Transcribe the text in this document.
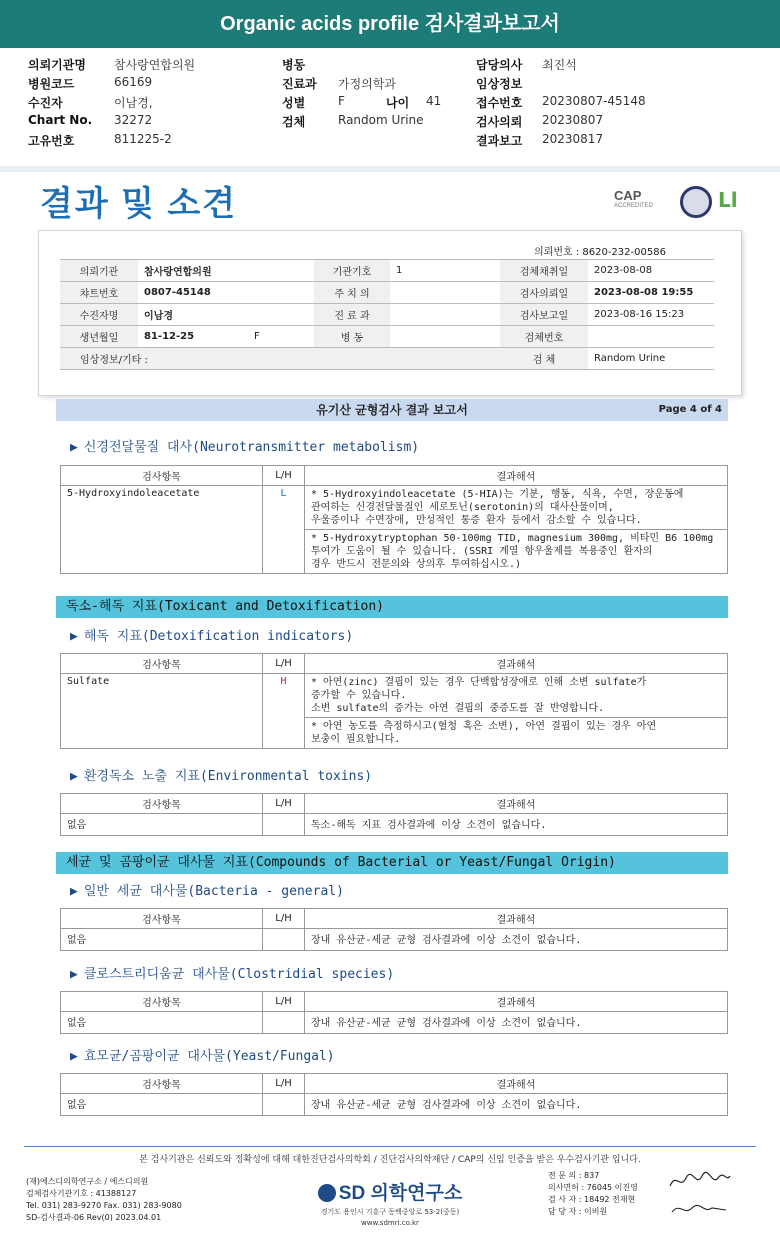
Organic acids profile 검사결과보고서
의뢰기관명 참사랑연합의원	병동	담당의사 최진석
병원코드	66169	진료과 가정의학과	임상정보
수진자	이남경,	성별	F	나이 41	접수번호 20230807-45148
Chart No. 32272	검체	Random Urine	검사의뢰 20230807
고유번호	811225-2	결과보고 20230817
결과 및 소견	CAP
ACCREDITED	Ll
의뢰번호 : 8620-232-00586
의뢰기관	참사랑연합의원		기관기호	1	검체채취일	2023-08-08
챠트번호	0807-45148		주 치 의		검사의뢰일	2023-08-08 19:55
수진자명	이남경		진 료 과		검사보고일	2023-08-16 15:23
생년월일	81-12-25	F	병 동		검체번호	
임상정보/기타 :					검 체	Random Urine
유기산 균형검사 결과 보고서	Page 4 of 4
▶ 신경전달물질 대사(Neurotransmitter metabolism)
검사항목	L/H	결과해석
5-Hydroxyindoleacetate	L	* 5-Hydroxyindoleacetate (5-HIA)는 기분, 행동, 식욕, 수면, 장운동에
관여하는 신경전달물질인 세로토닌(serotonin)의 대사산물이며,
우울증이나 수면장애, 만성적인 통증 환자 등에서 감소할 수 있습니다.

		* 5-Hydroxytryptophan 50-100mg TID, magnesium 300mg, 비타민 B6 100mg
투여가 도움이 될 수 있습니다. (SSRI 계열 항우울제를 복용중인 환자의
경우 반드시 전문의와 상의후 투여하십시오.)
독소-해독 지표(Toxicant and Detoxification)
▶ 해독 지표(Detoxification indicators)
검사항목	L/H	결과해석
Sulfate	H	* 아연(zinc) 결핍이 있는 경우 단백합성장애로 인해 소변 sulfate가
증가할 수 있습니다.
소변 sulfate의 증가는 아연 결핍의 중증도를 잘 반영합니다.

		* 아연 농도를 측정하시고(혈청 혹은 소변), 아연 결핍이 있는 경우 아연
보충이 필요합니다.
▶ 환경독소 노출 지표(Environmental toxins)
검사항목	L/H	결과해석
없음		독소-해독 지표 검사결과에 이상 소견이 없습니다.
세균 및 곰팡이균 대사물 지표(Compounds of Bacterial or Yeast/Fungal Origin)
▶ 일반 세균 대사물(Bacteria - general)
검사항목	L/H	결과해석
없음		장내 유산균-세균 균형 검사결과에 이상 소견이 없습니다.
▶ 클로스트리디움균 대사물(Clostridial species)
검사항목	L/H	결과해석
없음		장내 유산균-세균 균형 검사결과에 이상 소견이 없습니다.
▶ 효모균/곰팡이균 대사물(Yeast/Fungal)
검사항목	L/H	결과해석
없음		장내 유산균-세균 균형 검사결과에 이상 소견이 없습니다.
본 검사기관은 신뢰도와 정확성에 대해 대한진단검사의학회 / 진단검사의학재단 / CAP의 신임 인증을 받은 우수검사기관 입니다.
(재)에스디의학연구소 / 에스디의원
검체검사기관기호 : 41388127
Tel. 031) 283-9270 Fax. 031) 283-9080
SD-검사결과-06 Rev(0) 2023.04.01
SD 의학연구소
경기도 용인시 기흥구 동백중앙로 53-2(중동)
www.sdmri.co.kr
전 문 의 : 837
의사면허 : 76045 이진영
검 사 자 : 18492 전재현
담 당 자 : 이비원
